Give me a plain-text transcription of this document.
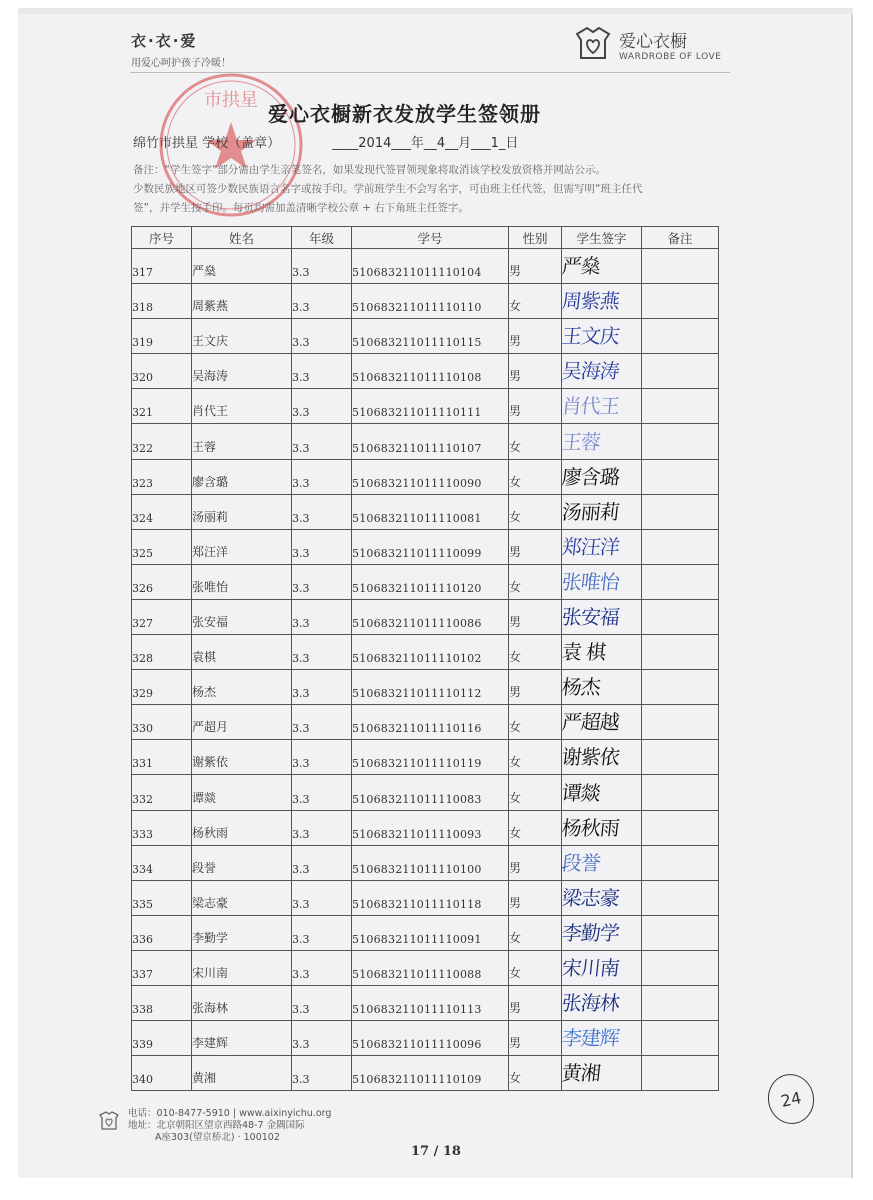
衣·衣·爱
用爱心呵护孩子冷暖！
爱心衣橱
WARDROBE OF LOVE
市拱星
爱心衣橱新衣发放学生签领册
绵竹市拱星 学校（盖章）	____2014___年__4__月___1_日
备注：“学生签字”部分需由学生亲笔签名，如果发现代签冒领现象将取消该学校发放资格并网站公示。
少数民族地区可签少数民族语言名字或按手印。学前班学生不会写名字，可由班主任代签，但需写明“班主任代
签”，并学生按手印。每页均需加盖清晰学校公章 + 右下角班主任签字。
序号	姓名	年级	学号	性别	学生签字	备注
317	严燊	3.3	510683211011110104	男	严燊	
318	周紫燕	3.3	510683211011110110	女	周紫燕	
319	王文庆	3.3	510683211011110115	男	王文庆	
320	吴海涛	3.3	510683211011110108	男	吴海涛	
321	肖代王	3.3	510683211011110111	男	肖代王	
322	王蓉	3.3	510683211011110107	女	王蓉	
323	廖含璐	3.3	510683211011110090	女	廖含璐	
324	汤丽莉	3.3	510683211011110081	女	汤丽莉	
325	郑汪洋	3.3	510683211011110099	男	郑汪洋	
326	张唯怡	3.3	510683211011110120	女	张唯怡	
327	张安福	3.3	510683211011110086	男	张安福	
328	袁棋	3.3	510683211011110102	女	袁 棋	
329	杨杰	3.3	510683211011110112	男	杨杰	
330	严超月	3.3	510683211011110116	女	严超越	
331	谢紫依	3.3	510683211011110119	女	谢紫依	
332	谭燚	3.3	510683211011110083	女	谭燚	
333	杨秋雨	3.3	510683211011110093	女	杨秋雨	
334	段誉	3.3	510683211011110100	男	段誉	
335	梁志豪	3.3	510683211011110118	男	梁志豪	
336	李勤学	3.3	510683211011110091	女	李勤学	
337	宋川南	3.3	510683211011110088	女	宋川南	
338	张海林	3.3	510683211011110113	男	张海林	
339	李建辉	3.3	510683211011110096	男	李建辉	
340	黄湘	3.3	510683211011110109	女	黄湘	
24
电话：010-8477-5910 | www.aixinyichu.org
地址：北京朝阳区望京西路48-7 金隅国际
A座303(望京桥北) · 100102
17 / 18
